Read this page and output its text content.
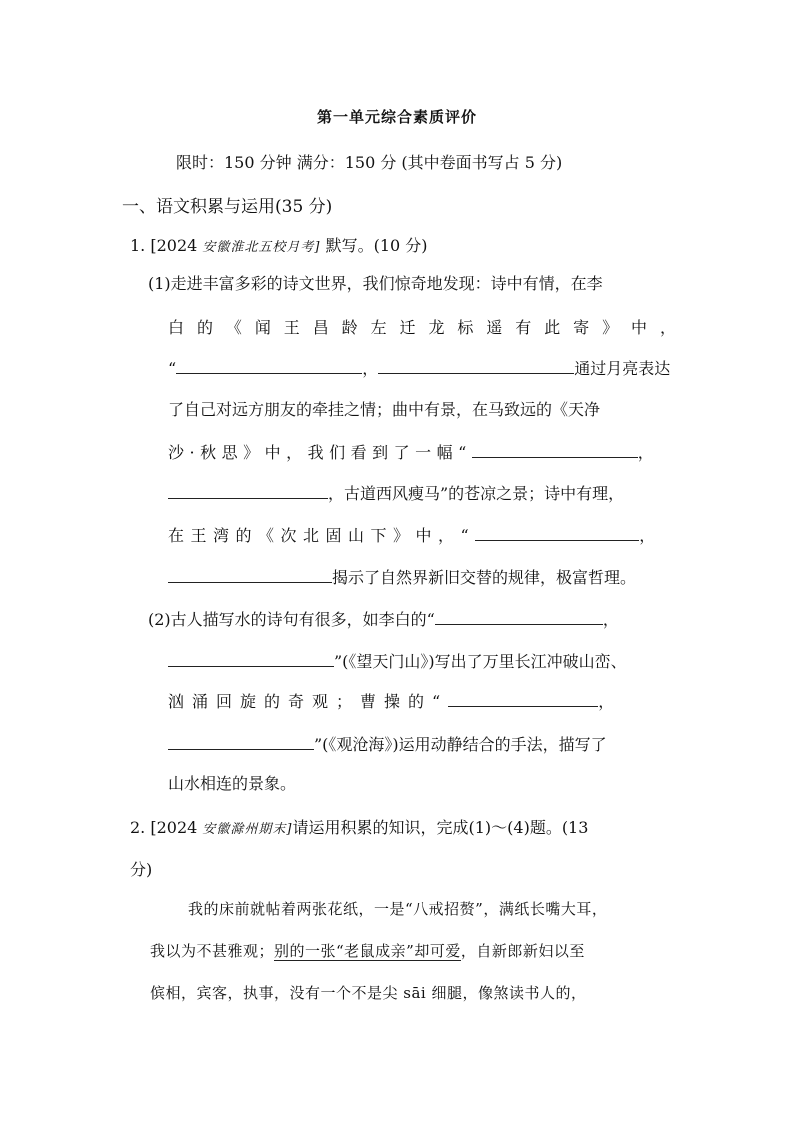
第一单元综合素质评价
限时：150 分钟 满分：150 分 (其中卷面书写占 5 分)
一、语文积累与运用(35 分)
1. [2024 安徽淮北五校月考] 默写。(10 分)
(1)走进丰富多彩的诗文世界，我们惊奇地发现：诗中有情，在李
白的《闻王昌龄左迁龙标遥有此寄》中，
“	，	通过月亮表达
了自己对远方朋友的牵挂之情；曲中有景，在马致远的《天净
沙·秋思》中，我们看到了一幅“	，
，古道西风瘦马”的苍凉之景；诗中有理，
在王湾的《次北固山下》中，“	，
揭示了自然界新旧交替的规律，极富哲理。
(2)古人描写水的诗句有很多，如李白的“	，
”(《望天门山》)写出了万里长江冲破山峦、
汹涌回旋的奇观；曹操的“	，
”(《观沧海》)运用动静结合的手法，描写了
山水相连的景象。
2. [2024 安徽滁州期末]请运用积累的知识，完成(1)～(4)题。(13
分)
我的床前就帖着两张花纸，一是“八戒招赘”，满纸长嘴大耳，
我以为不甚雅观；别的一张“老鼠成亲”却可爱，自新郎新妇以至
傧相，宾客，执事，没有一个不是尖 sāi 细腿，像煞读书人的，
